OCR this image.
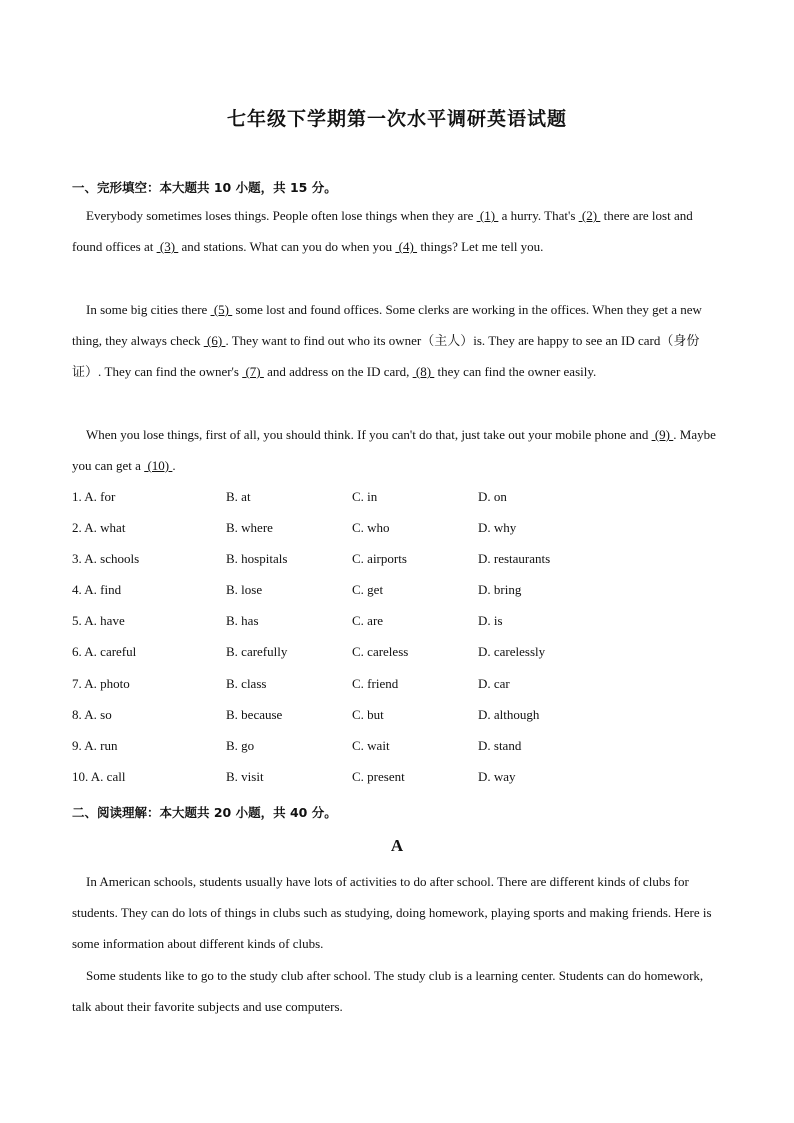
七年级下学期第一次水平调研英语试题
一、完形填空：本大题共 10 小题，共 15 分。
Everybody sometimes loses things. People often lose things when they are  (1)  a hurry. That's  (2)  there are lost and found offices at  (3)  and stations. What can you do when you  (4)  things? Let me tell you.
In some big cities there  (5)  some lost and found offices. Some clerks are working in the offices. When they get a new thing, they always check  (6) . They want to find out who its owner（主人）is. They are happy to see an ID card（身份证）. They can find the owner's  (7)  and address on the ID card,  (8)  they can find the owner easily.
When you lose things, first of all, you should think. If you can't do that, just take out your mobile phone and  (9) . Maybe you can get a  (10) .
1. A. for	B. at	C. in	D. on
2. A. what	B. where	C. who	D. why
3. A. schools	B. hospitals	C. airports	D. restaurants
4. A. find	B. lose	C. get	D. bring
5. A. have	B. has	C. are	D. is
6. A. careful	B. carefully	C. careless	D. carelessly
7. A. photo	B. class	C. friend	D. car
8. A. so	B. because	C. but	D. although
9. A. run	B. go	C. wait	D. stand
10. A. call	B. visit	C. present	D. way
二、阅读理解：本大题共 20 小题，共 40 分。
A
In American schools, students usually have lots of activities to do after school. There are different kinds of clubs for students. They can do lots of things in clubs such as studying, doing homework, playing sports and making friends. Here is some information about different kinds of clubs.
Some students like to go to the study club after school. The study club is a learning center. Students can do homework, talk about their favorite subjects and use computers.
